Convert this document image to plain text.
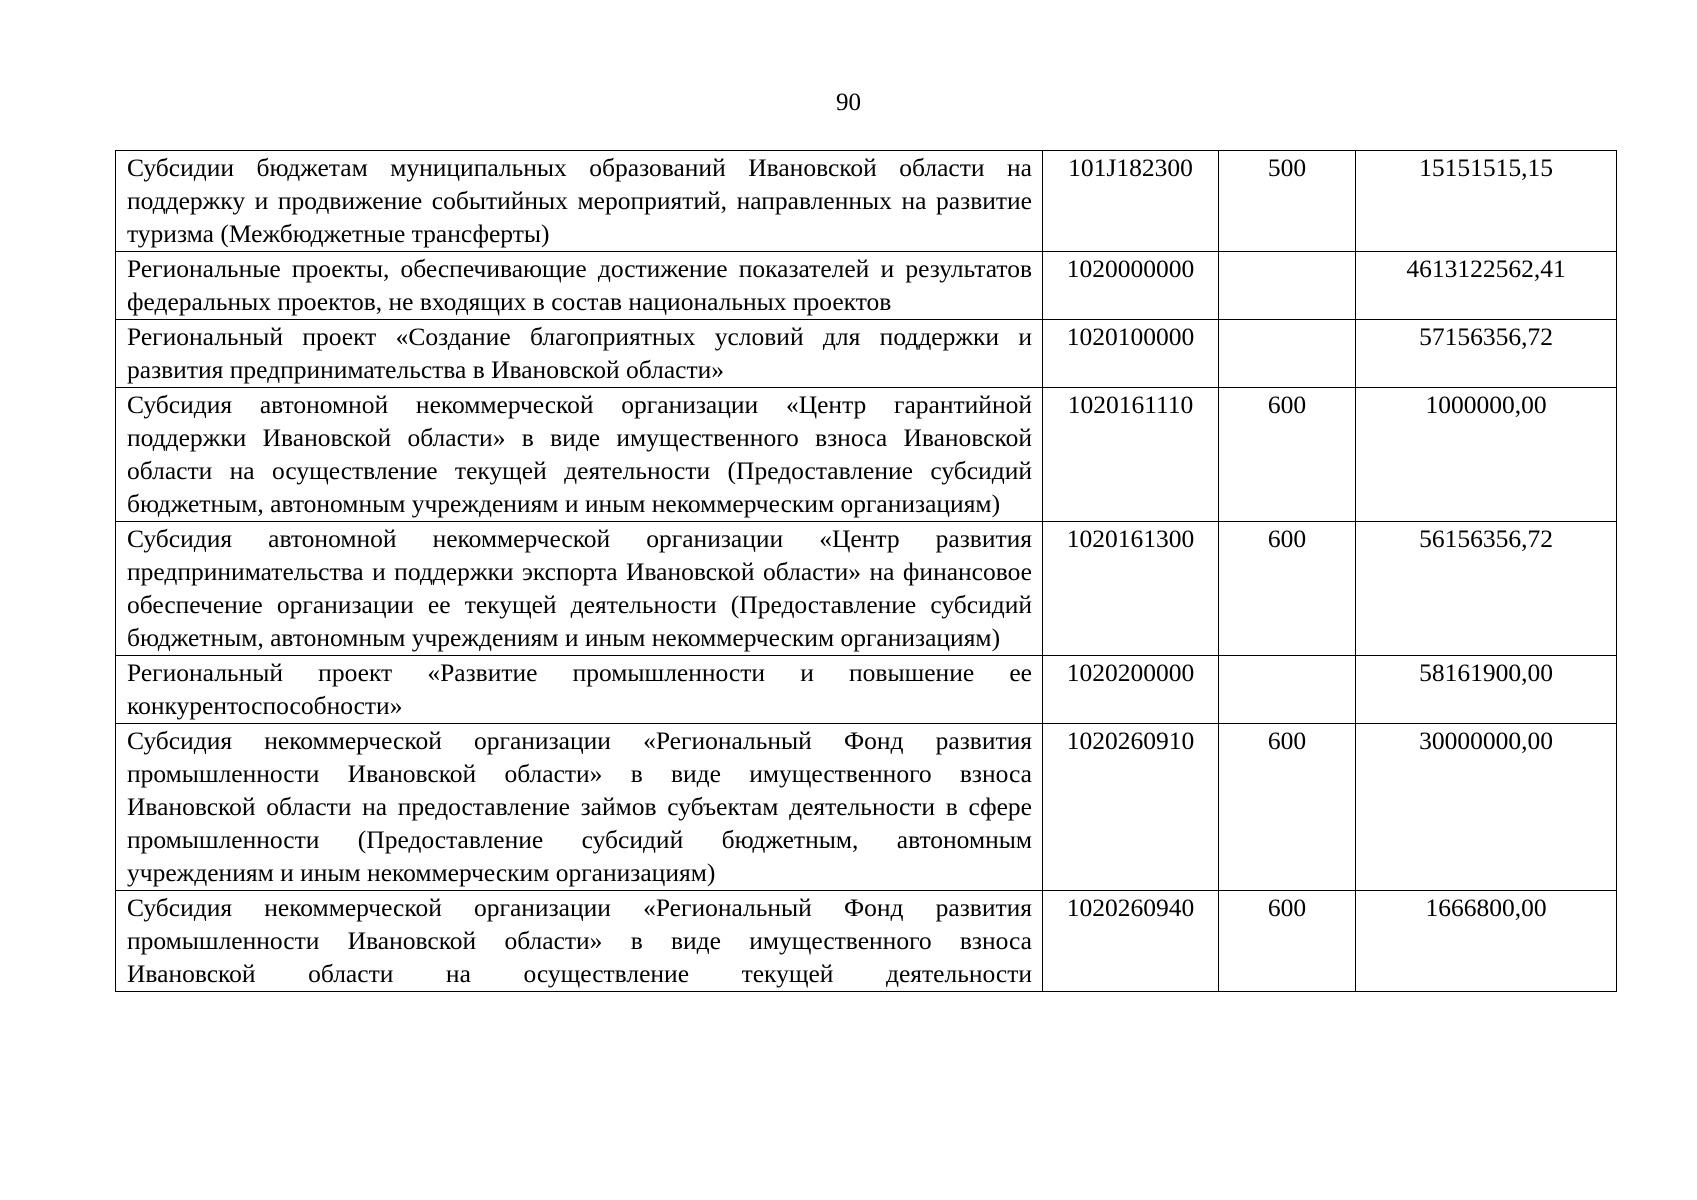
90
Субсидии бюджетам муниципальных образований Ивановской области на поддержку и продвижение событийных мероприятий, направленных на развитие туризма (Межбюджетные трансферты)	101J182300	500	15151515,15
Региональные проекты, обеспечивающие достижение показателей и результатов федеральных проектов, не входящих в состав национальных проектов	1020000000		4613122562,41
Региональный проект «Создание благоприятных условий для поддержки и развития предпринимательства в Ивановской области»	1020100000		57156356,72
Субсидия автономной некоммерческой организации «Центр гарантийной поддержки Ивановской области» в виде имущественного взноса Ивановской области на осуществление текущей деятельности (Предоставление субсидий бюджетным, автономным учреждениям и иным некоммерческим организациям)	1020161110	600	1000000,00
Субсидия автономной некоммерческой организации «Центр развития предпринимательства и поддержки экспорта Ивановской области» на финансовое обеспечение организации ее текущей деятельности (Предоставление субсидий бюджетным, автономным учреждениям и иным некоммерческим организациям)	1020161300	600	56156356,72
Региональный проект «Развитие промышленности и повышение ее конкурентоспособности»	1020200000		58161900,00
Субсидия некоммерческой организации «Региональный Фонд развития промышленности Ивановской области» в виде имущественного взноса Ивановской области на предоставление займов субъектам деятельности в сфере промышленности (Предоставление субсидий бюджетным, автономным учреждениям и иным некоммерческим организациям)	1020260910	600	30000000,00
Субсидия некоммерческой организации «Региональный Фонд развития промышленности Ивановской области» в виде имущественного взноса Ивановской области на осуществление текущей деятельности	1020260940	600	1666800,00
